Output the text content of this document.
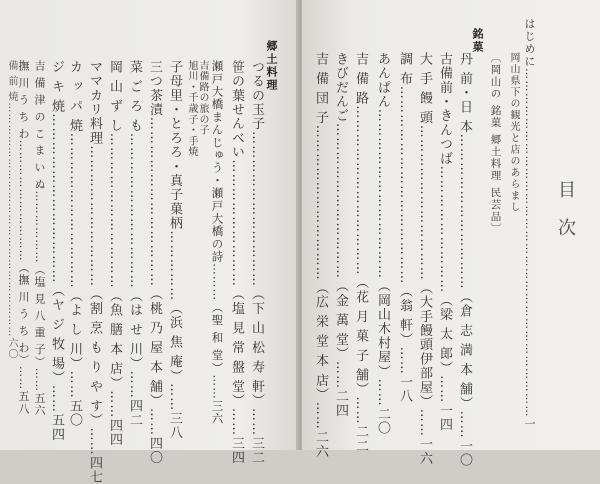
目次
はじめに…………………………………………………………………………一
岡山県下の観光と店のあらまし
〔岡山の 銘菓 郷土料理 民芸品〕
銘菓
丹 前・日 本……………………………（倉 志 満 本 舗）……一〇
古備前・きんつば………………………（梁 太 郎）……一四
大 手 饅 頭……………………………（大手饅頭伊部屋）……一六
調 布……………………………………（翁 軒）……一八
あんぱん………………………………（岡山木村屋）……二〇
吉 備 路………………………………（花 月 菓 子 舗）……二二
きびだんご……………………………（金 萬 堂）……二四
吉 備 団 子……………………………（広 栄 堂 本 店）……二六
郷土料理
つるの玉子……………………………（下 山 松 寿 軒）……三二
笹の葉せんべい………………………（塩 見 常 盤 堂）……三四
瀬戸大橋まんじゅう・瀬戸大橋の詩………（聖 和 堂）……三六
吉備路の旅の子
旭川・千歳子・手焼
子母里・とろろ・真子菓柄……………（浜 焦 庵）……三八
三つ茶漬………………………………（桃 乃 屋 本 舗）……四〇
菜 ご ろ も……………………………（は せ 川）……四二
岡 山 ず し……………………………（魚 膳 本 店）……四四
ママカリ料理…………………………（割 烹 も り や す）……四七
カ ッ パ 焼……………………………（よ し 川）……五〇
ジ キ 焼………………………………（ヤ ジ 牧 場）……五四
吉 備 津 の こ ま い ぬ………………（塩 見 八 重 子）……五六
撫 川 う ち わ…………………………（撫 川 う ち わ）……五八
備 前 焼………………………………………………………六〇
